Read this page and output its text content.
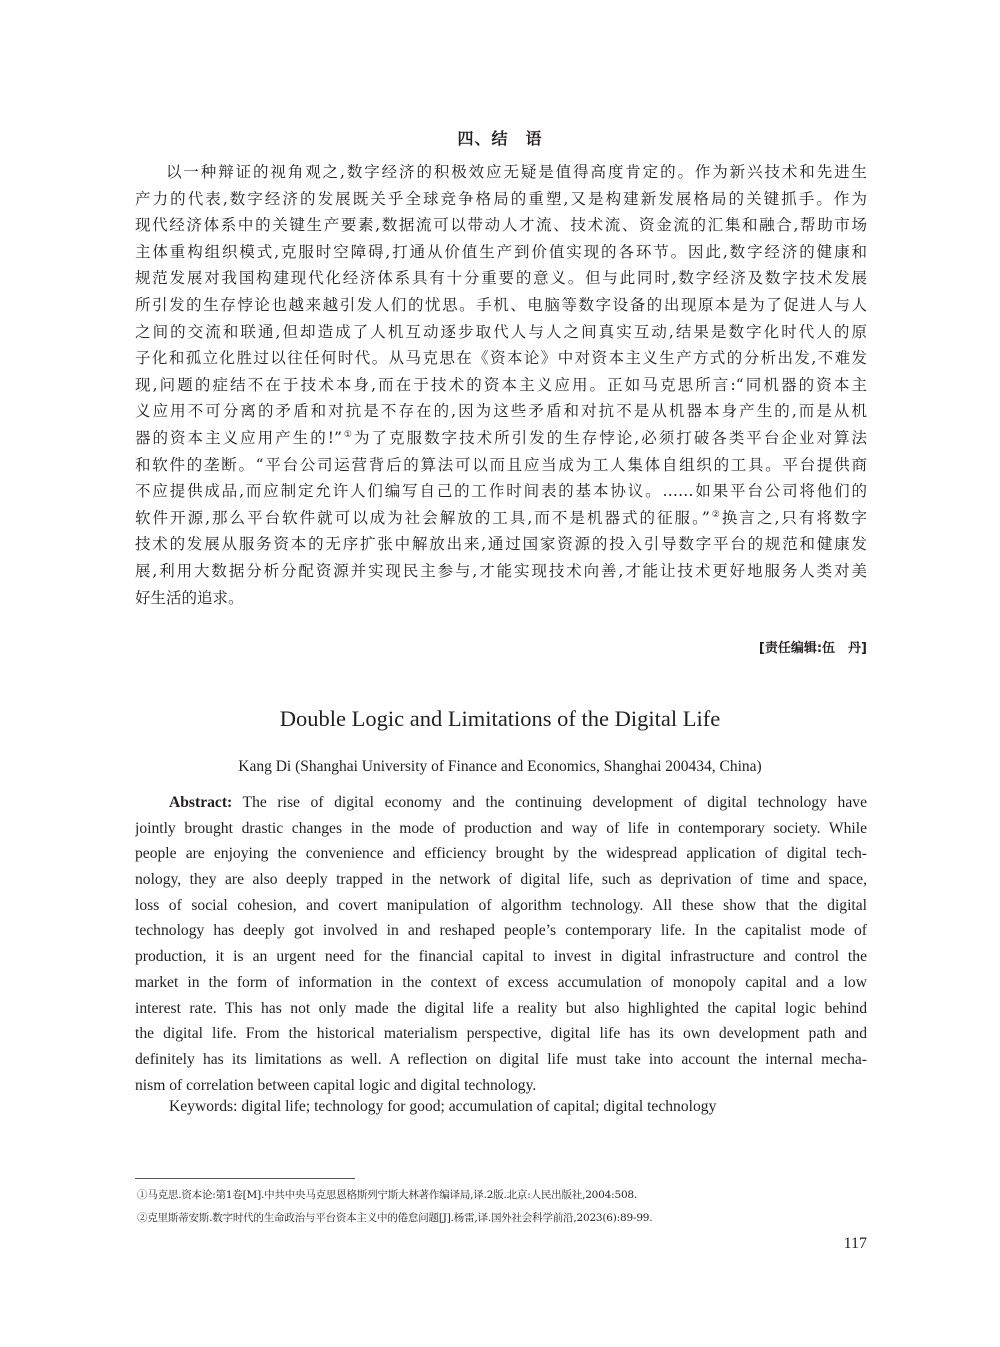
四、结　语
以一种辩证的视角观之,数字经济的积极效应无疑是值得高度肯定的。作为新兴技术和先进生
产力的代表,数字经济的发展既关乎全球竞争格局的重塑,又是构建新发展格局的关键抓手。作为
现代经济体系中的关键生产要素,数据流可以带动人才流、技术流、资金流的汇集和融合,帮助市场
主体重构组织模式,克服时空障碍,打通从价值生产到价值实现的各环节。因此,数字经济的健康和
规范发展对我国构建现代化经济体系具有十分重要的意义。但与此同时,数字经济及数字技术发展
所引发的生存悖论也越来越引发人们的忧思。手机、电脑等数字设备的出现原本是为了促进人与人
之间的交流和联通,但却造成了人机互动逐步取代人与人之间真实互动,结果是数字化时代人的原
子化和孤立化胜过以往任何时代。从马克思在《资本论》中对资本主义生产方式的分析出发,不难发
现,问题的症结不在于技术本身,而在于技术的资本主义应用。正如马克思所言:“同机器的资本主
义应用不可分离的矛盾和对抗是不存在的,因为这些矛盾和对抗不是从机器本身产生的,而是从机
器的资本主义应用产生的!”①为了克服数字技术所引发的生存悖论,必须打破各类平台企业对算法
和软件的垄断。“平台公司运营背后的算法可以而且应当成为工人集体自组织的工具。平台提供商
不应提供成品,而应制定允许人们编写自己的工作时间表的基本协议。……如果平台公司将他们的
软件开源,那么平台软件就可以成为社会解放的工具,而不是机器式的征服。”②换言之,只有将数字
技术的发展从服务资本的无序扩张中解放出来,通过国家资源的投入引导数字平台的规范和健康发
展,利用大数据分析分配资源并实现民主参与,才能实现技术向善,才能让技术更好地服务人类对美
好生活的追求。
[责任编辑:伍　丹]
Double Logic and Limitations of the Digital Life
Kang Di (Shanghai University of Finance and Economics, Shanghai 200434, China)
Abstract: The rise of digital economy and the continuing development of digital technology have
jointly brought drastic changes in the mode of production and way of life in contemporary society. While
people are enjoying the convenience and efficiency brought by the widespread application of digital tech-
nology, they are also deeply trapped in the network of digital life, such as deprivation of time and space,
loss of social cohesion, and covert manipulation of algorithm technology. All these show that the digital
technology has deeply got involved in and reshaped people’s contemporary life. In the capitalist mode of
production, it is an urgent need for the financial capital to invest in digital infrastructure and control the
market in the form of information in the context of excess accumulation of monopoly capital and a low
interest rate. This has not only made the digital life a reality but also highlighted the capital logic behind
the digital life. From the historical materialism perspective, digital life has its own development path and
definitely has its limitations as well. A reflection on digital life must take into account the internal mecha-
nism of correlation between capital logic and digital technology.
Keywords: digital life; technology for good; accumulation of capital; digital technology
①马克思.资本论:第1卷[M].中共中央马克思恩格斯列宁斯大林著作编译局,译.2版.北京:人民出版社,2004:508.
②克里斯蒂安斯.数字时代的生命政治与平台资本主义中的倦怠问题[J].杨雷,译.国外社会科学前沿,2023(6):89-99.
117
